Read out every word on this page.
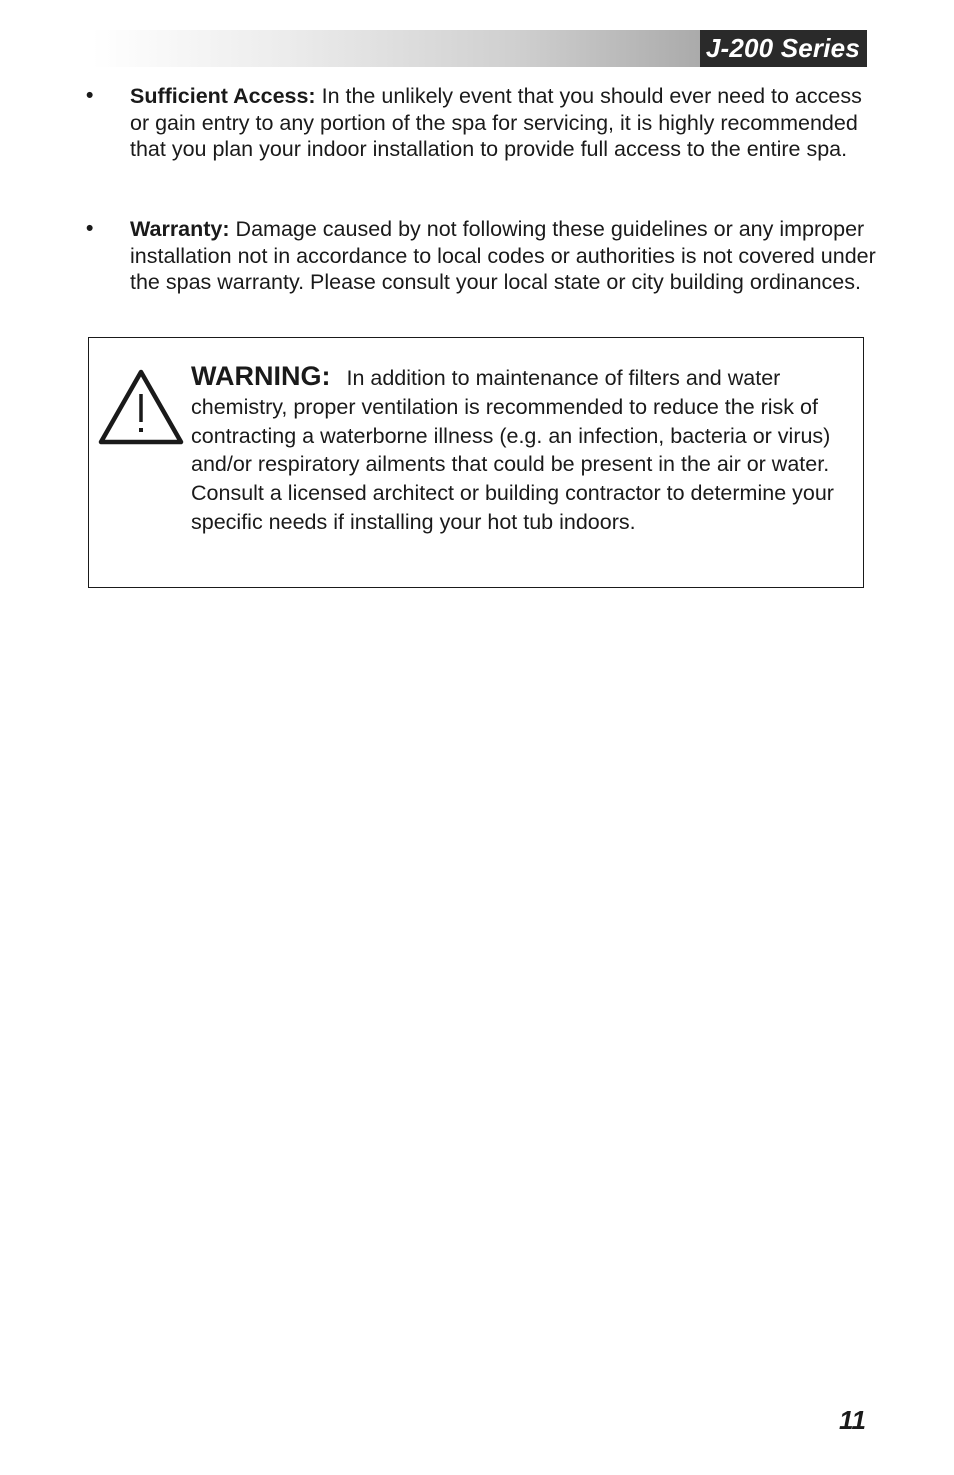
J-200 Series
• Sufficient Access: In the unlikely event that you should ever need to access or gain entry to any portion of the spa for servicing, it is highly recommended that you plan your indoor installation to provide full access to the entire spa.
• Warranty: Damage caused by not following these guidelines or any improper installation not in accordance to local codes or authorities is not covered under the spas warranty. Please consult your local state or city building ordinances.
WARNING: In addition to maintenance of filters and water chemistry, proper ventilation is recommended to reduce the risk of contracting a waterborne illness (e.g. an infection, bacteria or virus) and/or respiratory ailments that could be present in the air or water. Consult a licensed architect or building contractor to determine your specific needs if installing your hot tub indoors.
11
